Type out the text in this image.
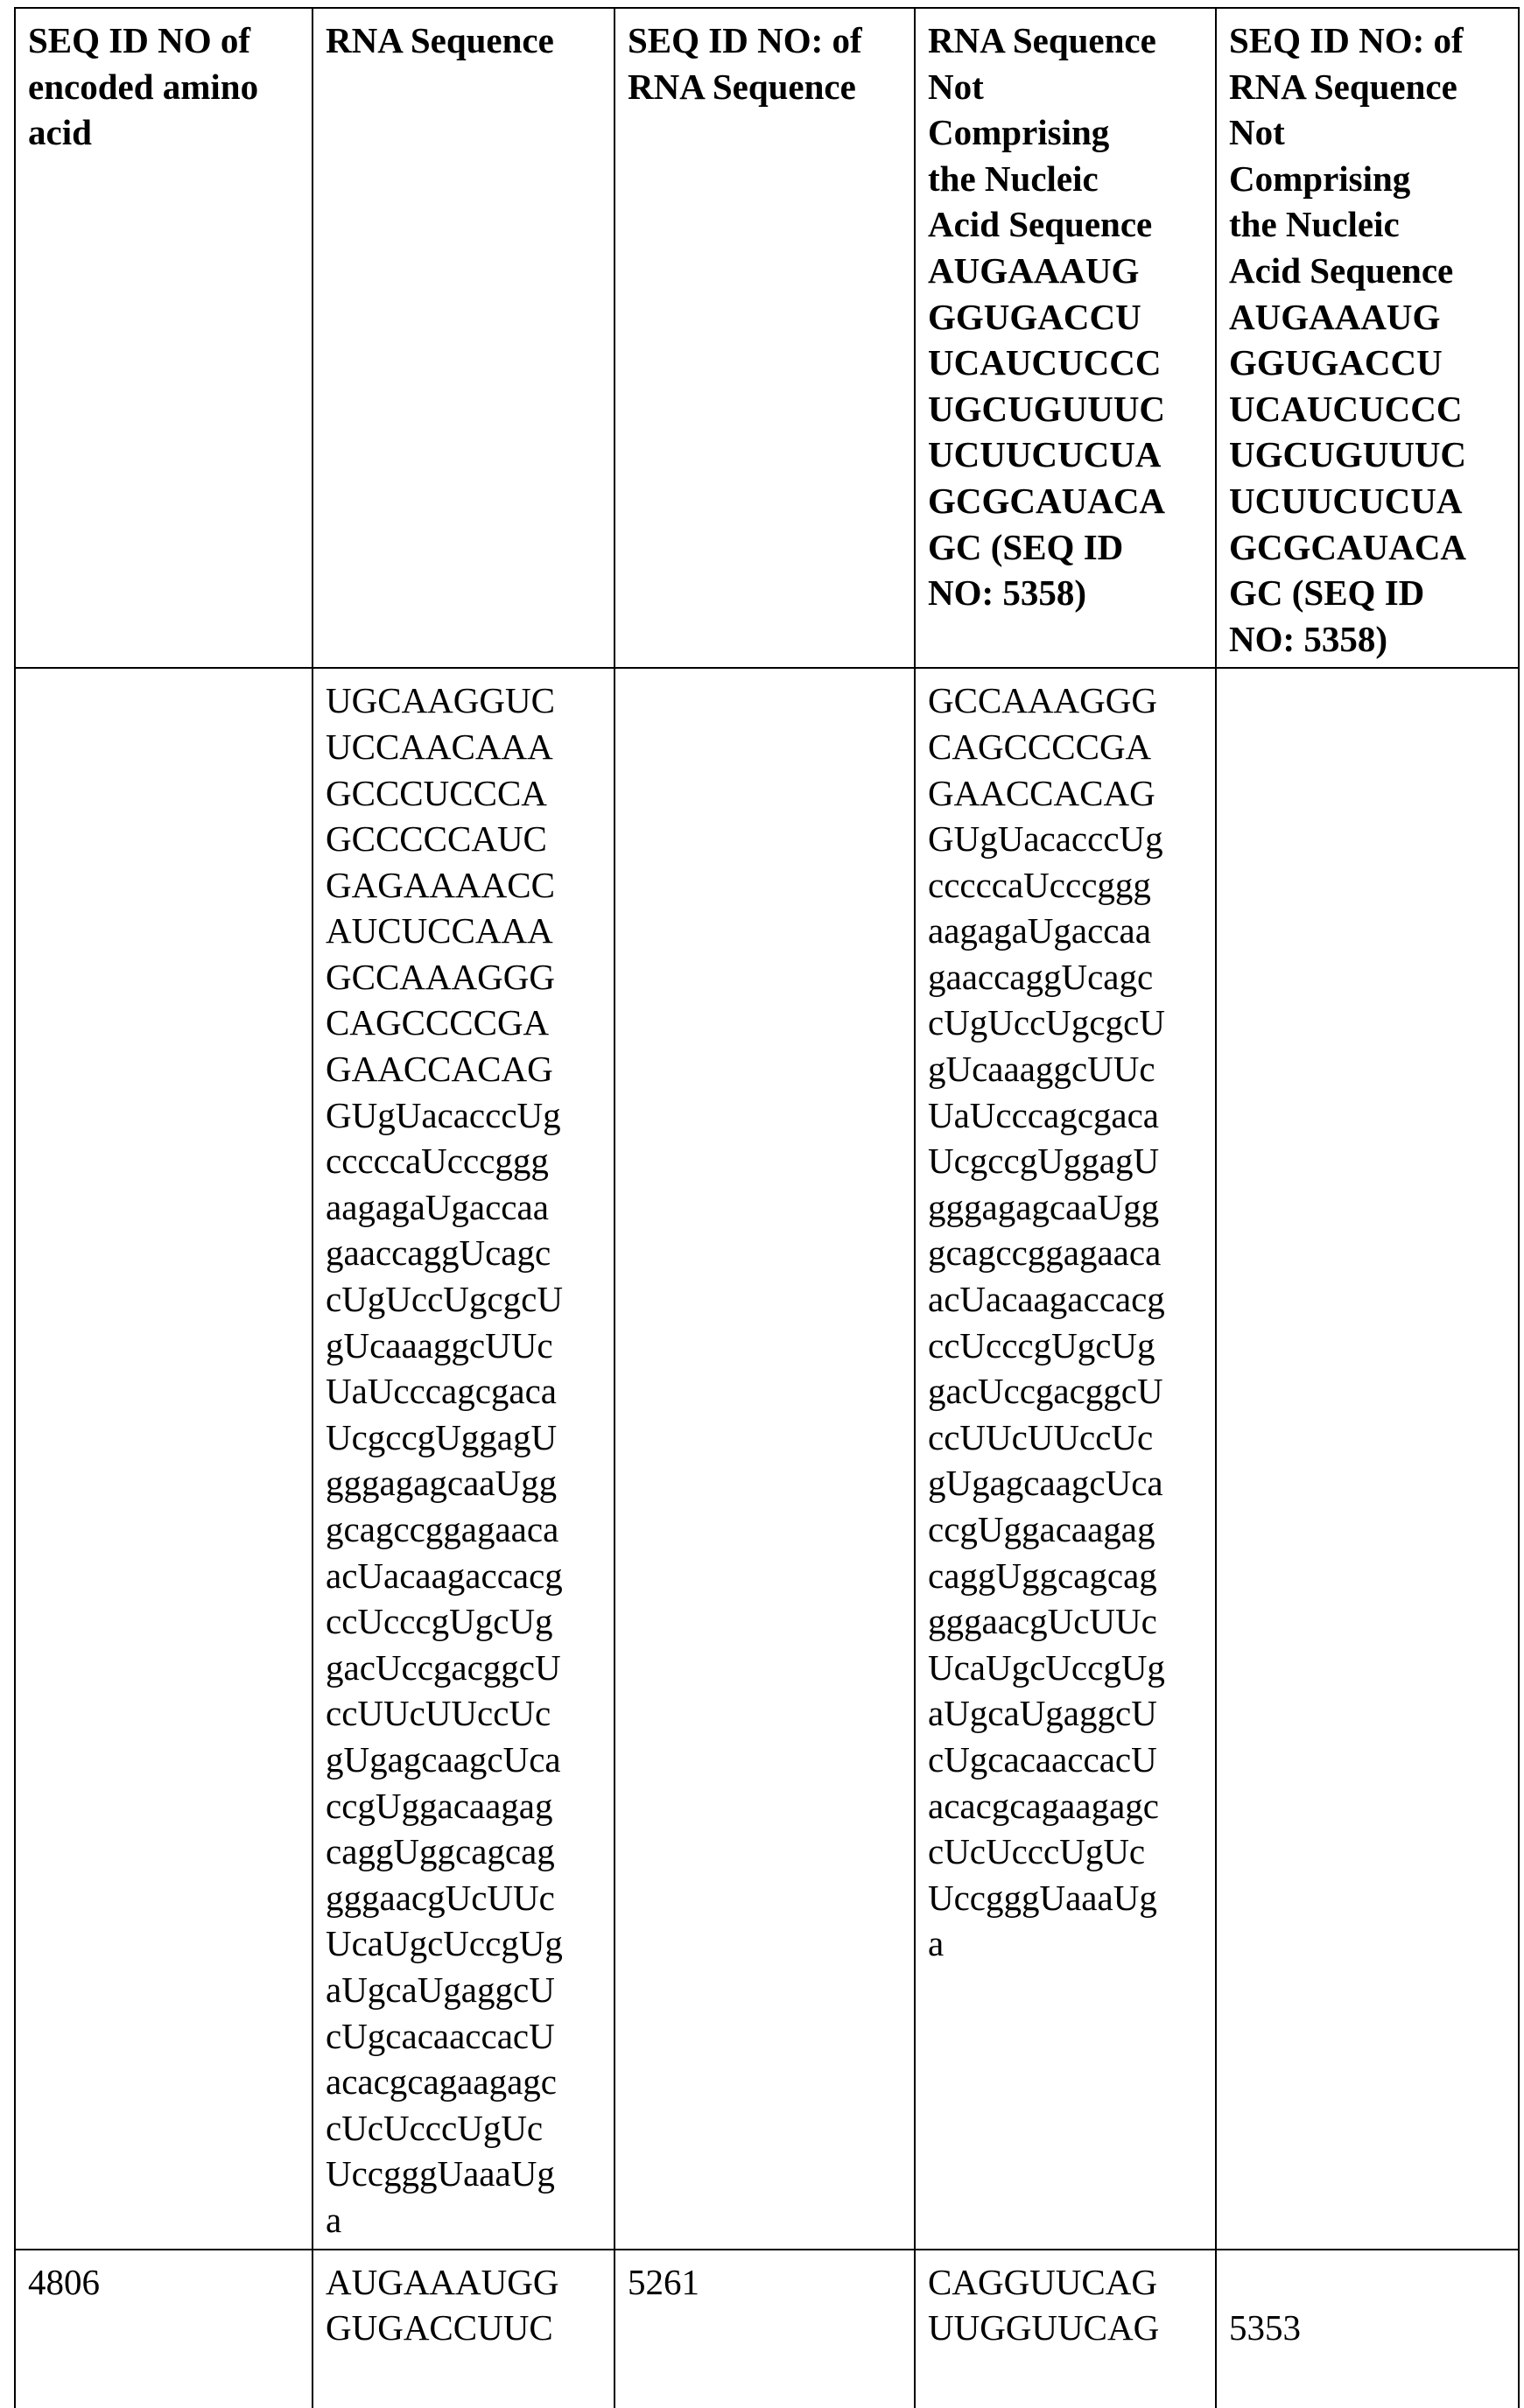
SEQ ID NO of
encoded amino
acid	RNA Sequence	SEQ ID NO: of
RNA Sequence	RNA Sequence
Not
Comprising
the Nucleic
Acid Sequence
AUGAAAUG
GGUGACCU
UCAUCUCCC
UGCUGUUUC
UCUUCUCUA
GCGCAUACA
GC (SEQ ID
NO: 5358)	SEQ ID NO: of
RNA Sequence
Not
Comprising
the Nucleic
Acid Sequence
AUGAAAUG
GGUGACCU
UCAUCUCCC
UGCUGUUUC
UCUUCUCUA
GCGCAUACA
GC (SEQ ID
NO: 5358)
	UGCAAGGUC
UCCAACAAA
GCCCUCCCA
GCCCCCAUC
GAGAAAACC
AUCUCCAAA
GCCAAAGGG
CAGCCCCGA
GAACCACAG
GUgUacacccUg
cccccaUcccggg
aagagaUgaccaa
gaaccaggUcagc
cUgUccUgcgcU
gUcaaaggcUUc
UaUcccagcgaca
UcgccgUggagU
gggagagcaaUgg
gcagccggagaaca
acUacaagaccacg
ccUcccgUgcUg
gacUccgacggcU
ccUUcUUccUc
gUgagcaagcUca
ccgUggacaagag
caggUggcagcag
gggaacgUcUUc
UcaUgcUccgUg
aUgcaUgaggcU
cUgcacaaccacU
acacgcagaagagc
cUcUcccUgUc
UccgggUaaaUg
a		GCCAAAGGG
CAGCCCCGA
GAACCACAG
GUgUacacccUg
cccccaUcccggg
aagagaUgaccaa
gaaccaggUcagc
cUgUccUgcgcU
gUcaaaggcUUc
UaUcccagcgaca
UcgccgUggagU
gggagagcaaUgg
gcagccggagaaca
acUacaagaccacg
ccUcccgUgcUg
gacUccgacggcU
ccUUcUUccUc
gUgagcaagcUca
ccgUggacaagag
caggUggcagcag
gggaacgUcUUc
UcaUgcUccgUg
aUgcaUgaggcU
cUgcacaaccacU
acacgcagaagagc
cUcUcccUgUc
UccgggUaaaUg
a	
4806	AUGAAAUGG
GUGACCUUC	5261	CAGGUUCAG
UUGGUUCAG	5353
